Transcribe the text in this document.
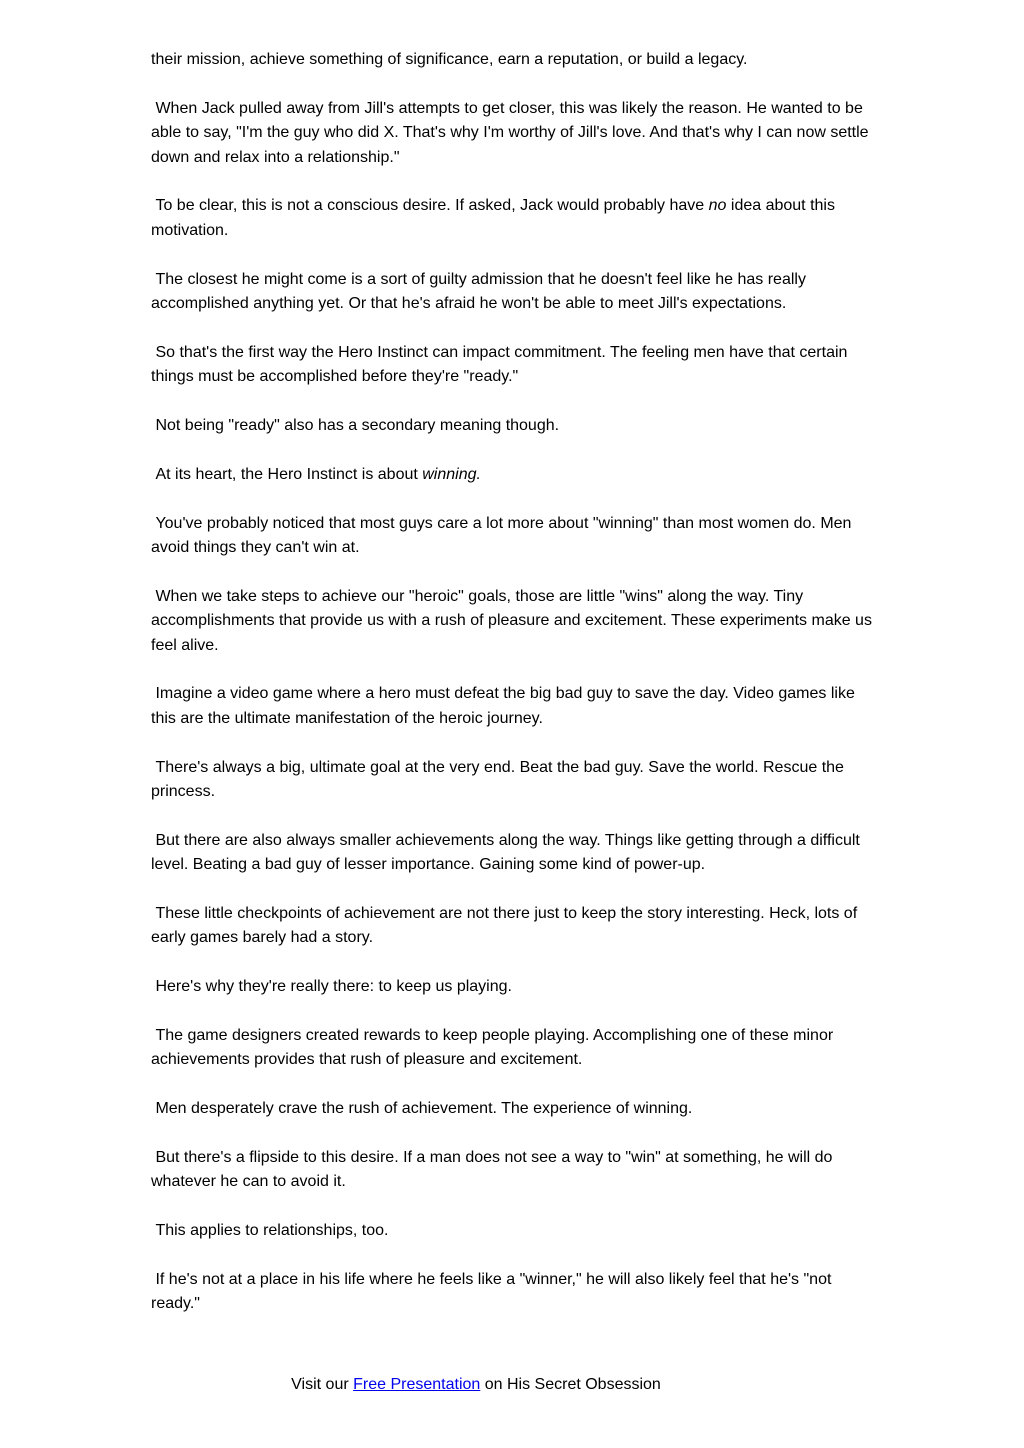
their mission, achieve something of significance, earn a reputation, or build a legacy.

When Jack pulled away from Jill's attempts to get closer, this was likely the reason. He wanted to be able to say, "I'm the guy who did X. That's why I'm worthy of Jill's love. And that's why I can now settle down and relax into a relationship."

To be clear, this is not a conscious desire. If asked, Jack would probably have no idea about this motivation.

The closest he might come is a sort of guilty admission that he doesn't feel like he has really accomplished anything yet. Or that he's afraid he won't be able to meet Jill's expectations.

So that's the first way the Hero Instinct can impact commitment. The feeling men have that certain things must be accomplished before they're "ready."

Not being "ready" also has a secondary meaning though.

At its heart, the Hero Instinct is about winning.

You've probably noticed that most guys care a lot more about "winning" than most women do. Men avoid things they can't win at.

When we take steps to achieve our "heroic" goals, those are little "wins" along the way. Tiny accomplishments that provide us with a rush of pleasure and excitement. These experiments make us feel alive.

Imagine a video game where a hero must defeat the big bad guy to save the day. Video games like this are the ultimate manifestation of the heroic journey.

There's always a big, ultimate goal at the very end. Beat the bad guy. Save the world. Rescue the princess.

But there are also always smaller achievements along the way. Things like getting through a difficult level. Beating a bad guy of lesser importance. Gaining some kind of power-up.

These little checkpoints of achievement are not there just to keep the story interesting. Heck, lots of early games barely had a story.

Here's why they're really there: to keep us playing.

The game designers created rewards to keep people playing. Accomplishing one of these minor achievements provides that rush of pleasure and excitement.

Men desperately crave the rush of achievement. The experience of winning.

But there's a flipside to this desire. If a man does not see a way to "win" at something, he will do whatever he can to avoid it.

This applies to relationships, too.

If he's not at a place in his life where he feels like a "winner," he will also likely feel that he's "not ready."

Visit our Free Presentation on His Secret Obsession
